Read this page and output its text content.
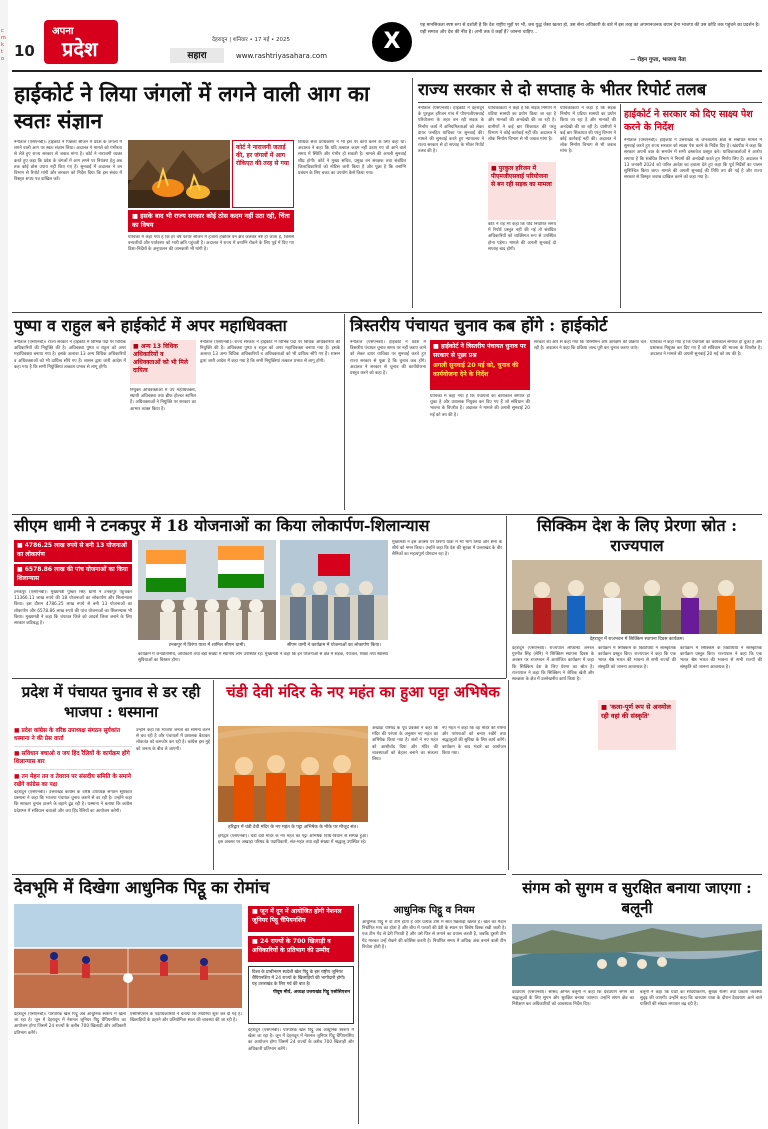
c
m
k
t
o 10
अपना
प्रदेश	देहरादून | शनिवार • 17 मई • 2025
सहारा	www.rashtriyasahara.com
X
यह मानसिकता स्पष्ट रूप से दर्शाती है कि देश राष्ट्रीय मुद्दों पर भी, जब युद्ध जैसा खतरा हो, उस सेना अधिकारी के बारे में इस तरह का अपमानजनक बयान देना भाजपा की उस कोटि तक पहुंचने का प्रदर्शन है। यही समाज और देश की नींव है। अभी तक वे कहाँ हैं? जानना चाहिए...
— रोहन गुप्ता, भाजपा नेता
हाईकोर्ट ने लिया जंगलों में लगने वाली आग का स्वतः संज्ञान
नैनीताल (एसएनबी)। हाईकोर्ट ने पिछला सीजन में प्रदेश के जंगलों में लगने वाली आग पर स्वतः संज्ञान लिया। अदालत ने मामले को गंभीरता से लेते हुए राज्य सरकार से जवाब मांगा है। कोर्ट ने नाराजगी व्यक्त करते हुए कहा कि प्रदेश के जंगलों में आग लगने पर नियंत्रण हेतु अब तक कोई ठोस उपाय नहीं किए गए हैं। सुनवाई में अदालत ने वन विभाग से रिपोर्ट मांगी और सरकार को निर्देश दिया कि इस संबंध में विस्तृत शपथ पत्र दाखिल करें।
कोर्ट ने नाराजगी जताई की, हर जंगलों में आग रोकिएत की तरह से गया
■ इसके बाद भी राज्य सरकार कोई ठोस कदम नहीं उठा रही, चिंता का विषय
याचिका में कहा गया है कि हर वर्ष फायर सीजन में हजारों हेक्टेयर वन क्षेत्र जलकर नष्ट हो जाता है, जिससे वन्यजीवों और पर्यावरण को भारी क्षति पहुंचती है। अदालत ने राज्य में वनाग्नि रोकने के लिए पूर्व में दिए गए दिशा-निर्देशों के अनुपालन की जानकारी भी मांगी है।
विधिक सेवा प्राधिकरण ने भी इस पर कार्य करने के लिए कहा था। अदालत ने कहा कि यदि तत्काल कदम नहीं उठाए गए तो आने वाले समय में स्थिति और गंभीर हो सकती है। मामले की अगली सुनवाई शीघ्र होगी। कोर्ट ने मुख्य सचिव, प्रमुख वन संरक्षक तथा संबंधित जिलाधिकारियों को नोटिस जारी किया है और पूछा है कि वनाग्नि प्रबंधन के लिए बजट का उपयोग कैसे किया गया।
राज्य सरकार से दो सप्ताह के भीतर रिपोर्ट तलब
नैनीताल (एसएनबी)। हाईकोर्ट ने देहरादून के पुरकुल हरिजन गांव में पीएमजीएसवाई परियोजना के तहत बन रही सड़क के निर्माण कार्य में अनियमितताओं को लेकर दायर जनहित याचिका पर सुनवाई की। मामले की सुनवाई करते हुए न्यायालय ने राज्य सरकार से दो सप्ताह के भीतर रिपोर्ट तलब की है।
■ पुरकुल हरिजन में पीएमजीएसवाई परियोजना से बन रही सड़क का मामला
याचिकाकर्ता ने कहा है कि सड़क निर्माण में घटिया सामग्री का प्रयोग किया जा रहा है और मानकों की अनदेखी की जा रही है। ग्रामीणों ने कई बार शिकायत की परंतु विभाग ने कोई कार्रवाई नहीं की। अदालत ने लोक निर्माण विभाग से भी जवाब मांगा है।
कोर्ट ने यह भी कहा कि यदि निर्धारित समय में रिपोर्ट प्रस्तुत नहीं की गई तो संबंधित अधिकारियों को व्यक्तिगत रूप से उपस्थित होना पड़ेगा। मामले की अगली सुनवाई दो सप्ताह बाद होगी।
याचिकाकर्ता ने कहा है कि सड़क निर्माण में घटिया सामग्री का प्रयोग किया जा रहा है और मानकों की अनदेखी की जा रही है। ग्रामीणों ने कई बार शिकायत की परंतु विभाग ने कोई कार्रवाई नहीं की। अदालत ने लोक निर्माण विभाग से भी जवाब मांगा है।
हाईकोर्ट ने सरकार को दिए साक्ष्य पेश करने के निर्देश
नैनीताल (एसएनबी)। हाईकोर्ट ने उत्तराखंड के जनजातीय क्षेत्रों से संबंधित मामले में सुनवाई करते हुए राज्य सरकार को साक्ष्य पेश करने के निर्देश दिए हैं। खंडपीठ ने कहा कि सरकार अपनी बात के समर्थन में सभी दस्तावेज प्रस्तुत करे। याचिकाकर्ताओं ने आरोप लगाया है कि संबंधित विभाग ने नियमों की अनदेखी करते हुए निर्णय लिए हैं। अदालत ने 13 जनवरी 2024 को पारित आदेश का हवाला देते हुए कहा कि पूर्व निर्देशों का पालन सुनिश्चित किया जाए। मामले की अगली सुनवाई की तिथि तय की गई है और राज्य सरकार से विस्तृत जवाब दाखिल करने को कहा गया है।
पुष्पा व राहुल बने हाईकोर्ट में अपर महाधिवक्ता
नैनीताल (एसएनबी)। राज्य सरकार ने हाईकोर्ट में विभिन्न पदों पर विधिक अधिकारियों की नियुक्ति की है। अधिवक्ता पुष्पा व राहुल को अपर महाधिवक्ता बनाया गया है। इसके अलावा 13 अन्य विधिक अधिकारियों व अधिवक्ताओं को भी दायित्व सौंपे गए हैं। शासन द्वारा जारी आदेश में कहा गया है कि सभी नियुक्तियां तत्काल प्रभाव से लागू होंगी।
■ अन्य 13 विधिक अधिकारियों व अधिवक्ताओं को भी मिले दायित्व
नियुक्त अधिवक्ताओं में उप महाधिवक्ता, स्थायी अधिवक्ता तथा ब्रीफ होल्डर शामिल हैं। अधिवक्ताओं ने नियुक्ति पर सरकार का आभार व्यक्त किया है।
नैनीताल (एसएनबी)। राज्य सरकार ने हाईकोर्ट में विभिन्न पदों पर विधिक अधिकारियों की नियुक्ति की है। अधिवक्ता पुष्पा व राहुल को अपर महाधिवक्ता बनाया गया है। इसके अलावा 13 अन्य विधिक अधिकारियों व अधिवक्ताओं को भी दायित्व सौंपे गए हैं। शासन द्वारा जारी आदेश में कहा गया है कि सभी नियुक्तियां तत्काल प्रभाव से लागू होंगी।
त्रिस्तरीय पंचायत चुनाव कब होंगे : हाईकोर्ट
नैनीताल (एसएनबी)। हाईकोर्ट ने प्रदेश में त्रिस्तरीय पंचायत चुनाव समय पर नहीं कराए जाने को लेकर दायर याचिका पर सुनवाई करते हुए राज्य सरकार से पूछा है कि चुनाव कब होंगे। अदालत ने सरकार से चुनाव की कार्ययोजना प्रस्तुत करने को कहा है।
■ हाईकोर्ट ने त्रिस्तरीय पंचायत चुनाव पर सरकार से पूछा प्रश्न
अगली सुनवाई 20 मई को, चुनाव की कार्ययोजना देने के निर्देश
याचिका में कहा गया है कि पंचायतों का कार्यकाल समाप्त हो चुका है और प्रशासक नियुक्त कर दिए गए हैं जो संविधान की भावना के विपरीत है। अदालत ने मामले की अगली सुनवाई 20 मई को तय की है।
सरकार की ओर से कहा गया कि परिसीमन और आरक्षण की प्रक्रिया चल रही है। अदालत ने कहा कि प्रक्रिया जल्द पूरी कर चुनाव कराए जाएं।
याचिका में कहा गया है कि पंचायतों का कार्यकाल समाप्त हो चुका है और प्रशासक नियुक्त कर दिए गए हैं जो संविधान की भावना के विपरीत है। अदालत ने मामले की अगली सुनवाई 20 मई को तय की है।
सीएम धामी ने टनकपुर में 18 योजनाओं का किया लोकार्पण-शिलान्यास
■ 4786.25 लाख रुपये से बनी 13 योजनाओं का लोकार्पण
■ 6578.86 लाख की पांच योजनाओं का किया शिलान्यास
टनकपुर (एसएनबी)। मुख्यमंत्री पुष्कर सिंह धामी ने टनकपुर पहुंचकर 11366.11 लाख रुपये की 18 योजनाओं का लोकार्पण और शिलान्यास किया। इस दौरान 4786.25 लाख रुपये से बनी 13 योजनाओं का लोकार्पण और 6578.86 लाख रुपये की पांच योजनाओं का शिलान्यास भी किया। मुख्यमंत्री ने कहा कि चंपावत जिले को आदर्श जिला बनाने के लिए सरकार कटिबद्ध है।
टनकपुर में तिरंगा यात्रा में शामिल सीएम धामी।	सीएम धामी ने कार्यक्रम में योजनाओं का लोकार्पण किया।
कार्यक्रम में जनप्रतिनिधि, अधिकारी तथा बड़ी संख्या में स्थानीय लोग उपस्थित रहे। मुख्यमंत्री ने कहा कि इन योजनाओं से क्षेत्र में सड़क, पेयजल, शिक्षा तथा स्वास्थ्य सुविधाओं का विस्तार होगा।
मुख्यमंत्री ने इस अवसर पर तिरंगा यात्रा में भी भाग लिया और सेना के शौर्य को नमन किया। उन्होंने कहा कि देश की सुरक्षा में उत्तराखंड के वीर सैनिकों का महत्वपूर्ण योगदान रहा है।
सिक्किम देश के लिए प्रेरणा स्रोत : राज्यपाल
देहरादून में राजभवन में सिक्किम स्थापना दिवस कार्यक्रम।
देहरादून (एसएनबी)। राज्यपाल लेफ्टिनेंट जनरल गुरमीत सिंह (सेनि) ने सिक्किम स्थापना दिवस के अवसर पर राजभवन में आयोजित कार्यक्रम में कहा कि सिक्किम देश के लिए प्रेरणा का स्रोत है। राज्यपाल ने कहा कि सिक्किम ने जैविक खेती और स्वच्छता के क्षेत्र में उल्लेखनीय कार्य किया है।
■ 'कला-पूर्ण रूप से अनमोल रही वहां की संस्कृति'
कार्यक्रम में सिक्किम के विद्यार्थियों ने सांस्कृतिक कार्यक्रम प्रस्तुत किए। राज्यपाल ने कहा कि एक भारत श्रेष्ठ भारत की भावना से सभी राज्यों की संस्कृति को जानना आवश्यक है।
कार्यक्रम में सिक्किम के विद्यार्थियों ने सांस्कृतिक कार्यक्रम प्रस्तुत किए। राज्यपाल ने कहा कि एक भारत श्रेष्ठ भारत की भावना से सभी राज्यों की संस्कृति को जानना आवश्यक है।
प्रदेश में पंचायत चुनाव से डर रही भाजपा : धस्माना
■ प्रदेश कांग्रेस के वरिष्ठ उपाध्यक्ष संगठन सूर्यकांत धस्माना ने की प्रेस वार्ता
■ सविधान बचाओ व जय हिंद रैलियों के कार्यक्रम होंगे शिलान्यास बार
■ तन मेहन तन व तेवरान पर संसदीय समिति के समाने रखेंगे कांग्रेस का पक्ष
देहरादून (एसएनबी)। उत्तराखंड कांग्रेस के वरिष्ठ उपाध्यक्ष संगठन सूर्यकांत धस्माना ने कहा कि भाजपा पंचायत चुनाव कराने से डर रही है। उन्होंने कहा कि सरकार चुनाव टालने के बहाने ढूंढ रही है। धस्माना ने बताया कि कांग्रेस प्रदेशभर में संविधान बचाओ और जय हिंद रैलियों का आयोजन करेगी।
उन्होंने कहा कि भाजपा जनता का सामना करने से बच रही है और पंचायतों में प्रशासक बैठाकर लोकतंत्र को कमजोर कर रही है। कांग्रेस इस मुद्दे को जनता के बीच ले जाएगी।
चंडी देवी मंदिर के नए महंत का हुआ पट्टा अभिषेक
हरिद्वार में चंडी देवी मंदिर के नए महंत के पट्टा अभिषेक के मौके पर मौजूद संत।
हरिद्वार (एसएनबी)। चंडी देवी मंदिर के नए महंत का पट्टा अभिषेक विधि-विधान से सम्पन्न हुआ। इस अवसर पर अखाड़ा परिषद के पदाधिकारी, संत-महंत तथा बड़ी संख्या में श्रद्धालु उपस्थित रहे।
अखाड़ा परिषद के पूर्व प्रवक्ता ने कहा कि मंदिर की परंपरा के अनुसार नए महंत का अभिषेक किया गया है। संतों ने नए महंत को आशीर्वाद दिया और मंदिर की व्यवस्थाओं को बेहतर बनाने का संकल्प लिया।
नए महंत ने कहा कि वह मंदिर की गरिमा और परंपराओं को बनाए रखेंगे तथा श्रद्धालुओं की सुविधा के लिए कार्य करेंगे। कार्यक्रम के बाद भंडारे का आयोजन किया गया।
संगम को सुगम व सुरक्षित बनाया जाएगा : बलूनी
देवप्रयाग (एसएनबी)। सांसद अनिल बलूनी ने कहा कि देवप्रयाग संगम को श्रद्धालुओं के लिए सुगम और सुरक्षित बनाया जाएगा। उन्होंने संगम क्षेत्र का निरीक्षण कर अधिकारियों को आवश्यक निर्देश दिए।
बलूनी ने कहा कि घाटों का सौंदर्यीकरण, सुरक्षा रेलिंग तथा प्रकाश व्यवस्था सुदृढ़ की जाएगी। उन्होंने कहा कि चारधाम यात्रा के दौरान देवप्रयाग आने वाले यात्रियों की संख्या लगातार बढ़ रही है।
देवभूमि में दिखेगा आधुनिक पिट्ठू का रोमांच
■ जून में दून में आयोजित होगी नेशनल जूनियर पिट्ठू चैंपियनशिप
■ 24 राज्यों के 700 खिलाड़ी व अधिकारियों के प्रतिभाग की उम्मीद
विश्व के प्राचीनतम स्वदेशी खेल पिट्ठू के इस राष्ट्रीय जूनियर चैंपियनशिप में 24 राज्यों के खिलाड़ियों की भागीदारी होगी। यह उत्तराखंड के लिए गर्व की बात है।
पीयूष मौर्य, अध्यक्ष उत्तराखंड पिट्ठू एसोसिएशन
देहरादून (एसएनबी)। पारंपरिक खेल पिट्ठू अब आधुनिक स्वरूप में खेला जा रहा है। जून में देहरादून में नेशनल जूनियर पिट्ठू चैंपियनशिप का आयोजन होगा जिसमें 24 राज्यों के करीब 700 खिलाड़ी और अधिकारी प्रतिभाग करेंगे।
एसोसिएशन के पदाधिकारियों ने बताया कि तैयारियां शुरू कर दी गई हैं। खिलाड़ियों के ठहरने और प्रतियोगिता स्थल की व्यवस्था की जा रही है।
देहरादून (एसएनबी)। पारंपरिक खेल पिट्ठू अब आधुनिक स्वरूप में खेला जा रहा है। जून में देहरादून में नेशनल जूनियर पिट्ठू चैंपियनशिप का आयोजन होगा जिसमें 24 राज्यों के करीब 700 खिलाड़ी और अधिकारी प्रतिभाग करेंगे।
आधुनिक पिट्ठू व नियम
आधुनिक पिट्ठू में दो टीमें होती हैं और प्रत्येक टीम में सात खिलाड़ी खेलते हैं। खेल का मैदान निर्धारित माप का होता है और बीच में पत्थरों की ढेरी के स्थान पर विशेष डिस्क रखी जाती है। एक टीम गेंद से ढेरी गिराती है और उसे फिर से लगाने का प्रयास करती है, जबकि दूसरी टीम गेंद मारकर उन्हें रोकने की कोशिश करती है। निर्धारित समय में अधिक अंक बनाने वाली टीम विजेता होती है।
